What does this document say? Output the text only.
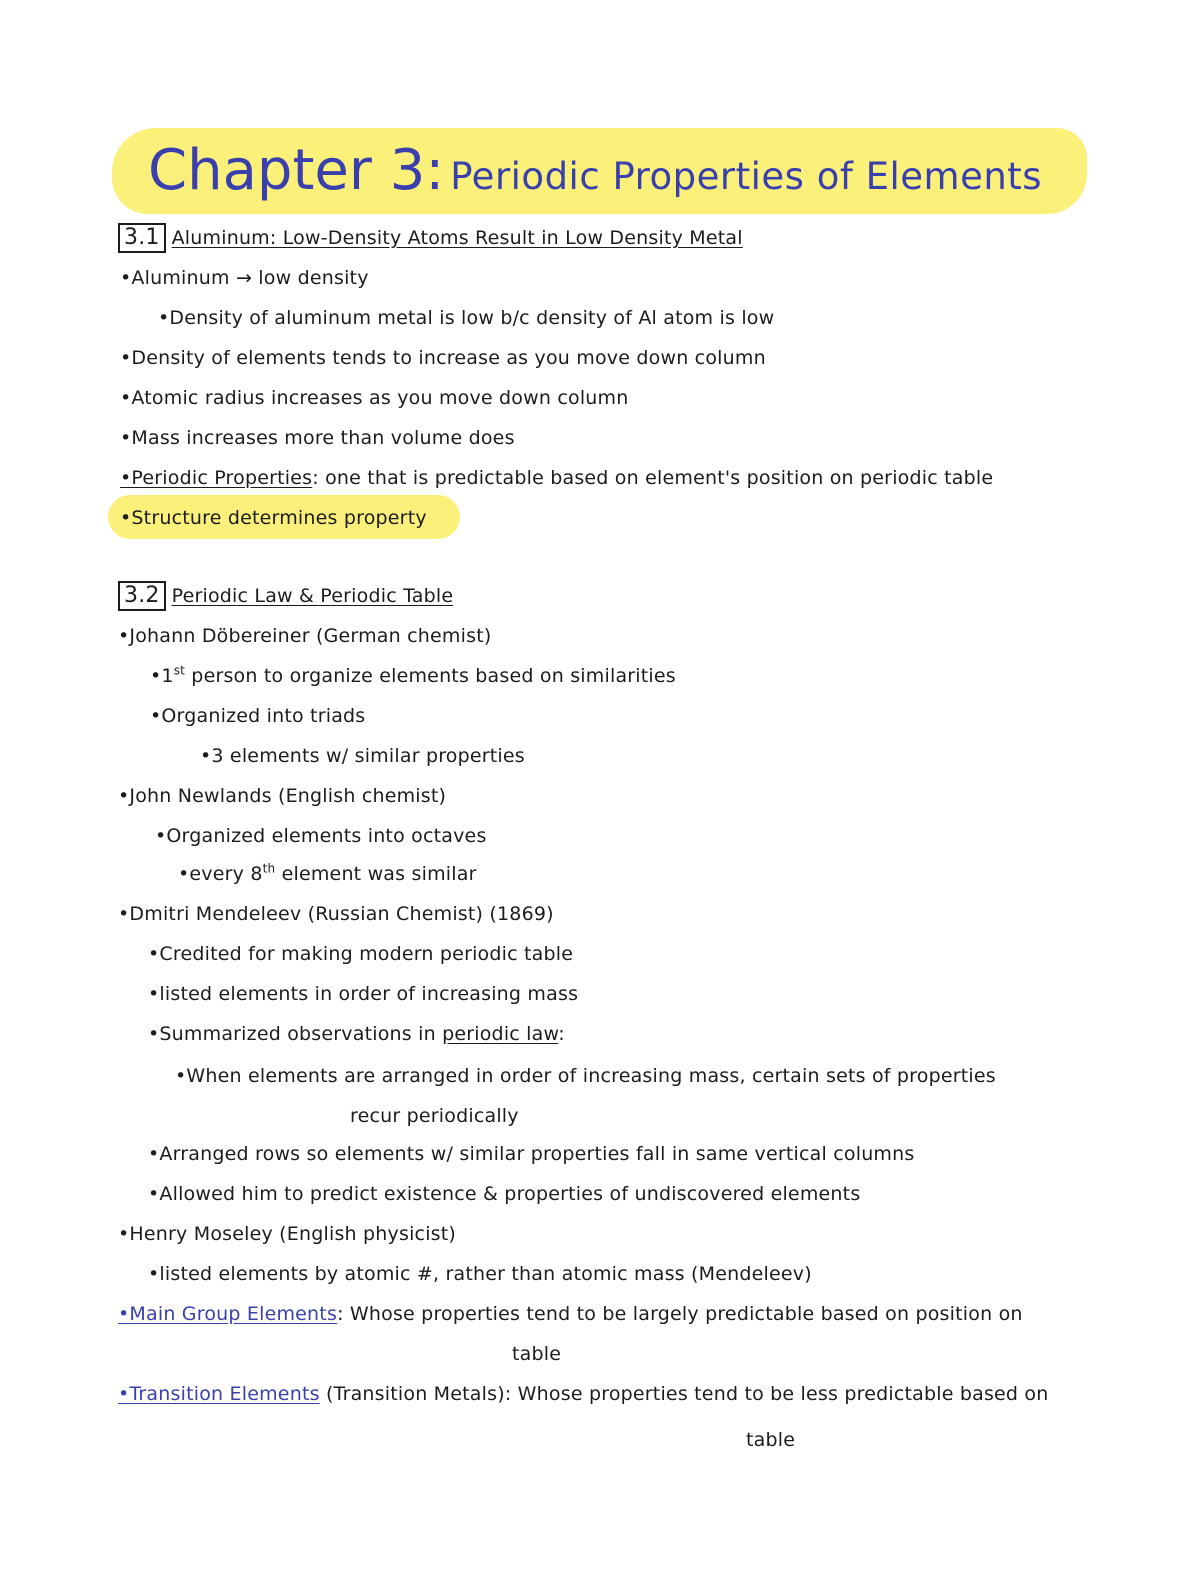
Chapter 3: Periodic Properties of Elements
3.1 Aluminum: Low-Density Atoms Result in Low Density Metal
•Aluminum → low density
•Density of aluminum metal is low b/c density of Al atom is low
•Density of elements tends to increase as you move down column
•Atomic radius increases as you move down column
•Mass increases more than volume does
•Periodic Properties: one that is predictable based on element's position on periodic table
•Structure determines property
3.2 Periodic Law & Periodic Table
•Johann Döbereiner (German chemist)
•1st person to organize elements based on similarities
•Organized into triads
•3 elements w/ similar properties
•John Newlands (English chemist)
•Organized elements into octaves
•every 8th element was similar
•Dmitri Mendeleev (Russian Chemist) (1869)
•Credited for making modern periodic table
•listed elements in order of increasing mass
•Summarized observations in periodic law:
•When elements are arranged in order of increasing mass, certain sets of properties
recur periodically
•Arranged rows so elements w/ similar properties fall in same vertical columns
•Allowed him to predict existence & properties of undiscovered elements
•Henry Moseley (English physicist)
•listed elements by atomic #, rather than atomic mass (Mendeleev)
•Main Group Elements: Whose properties tend to be largely predictable based on position on
table
•Transition Elements (Transition Metals): Whose properties tend to be less predictable based on
table
